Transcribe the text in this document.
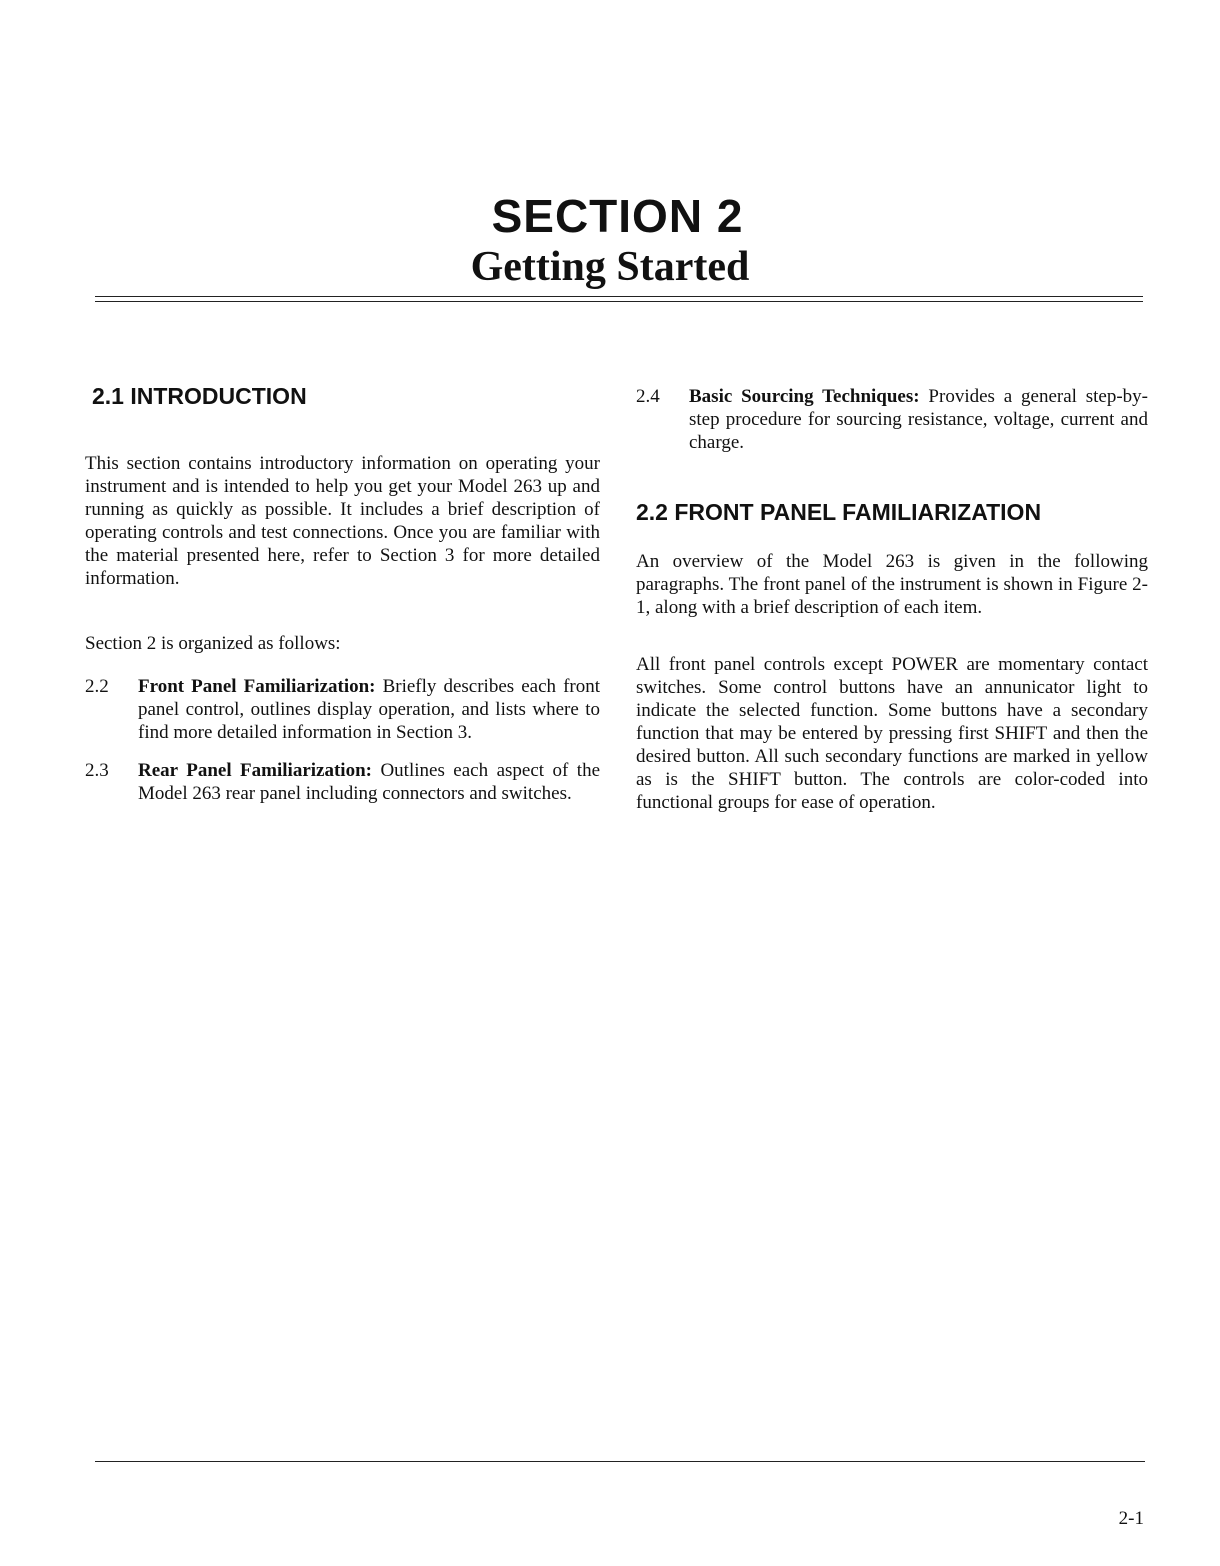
SECTION 2
Getting Started
2.1 INTRODUCTION

This section contains introductory information on operating your instrument and is intended to help you get your Model 263 up and running as quickly as possible. It includes a brief description of operating controls and test connections. Once you are familiar with the material presented here, refer to Section 3 for more detailed information.

Section 2 is organized as follows:

2.2	Front Panel Familiarization: Briefly describes each front panel control, outlines display operation, and lists where to find more detailed information in Section 3.
2.3	Rear Panel Familiarization: Outlines each aspect of the Model 263 rear panel including connectors and switches.
2.4	Basic Sourcing Techniques: Provides a general step-by-step procedure for sourcing resistance, voltage, current and charge.
2.2 FRONT PANEL FAMILIARIZATION

An overview of the Model 263 is given in the following paragraphs. The front panel of the instrument is shown in Figure 2-1, along with a brief description of each item.

All front panel controls except POWER are momentary contact switches. Some control buttons have an annunicator light to indicate the selected function. Some buttons have a secondary function that may be entered by pressing first SHIFT and then the desired button. All such secondary functions are marked in yellow as is the SHIFT button. The controls are color-coded into functional groups for ease of operation.

2-1
